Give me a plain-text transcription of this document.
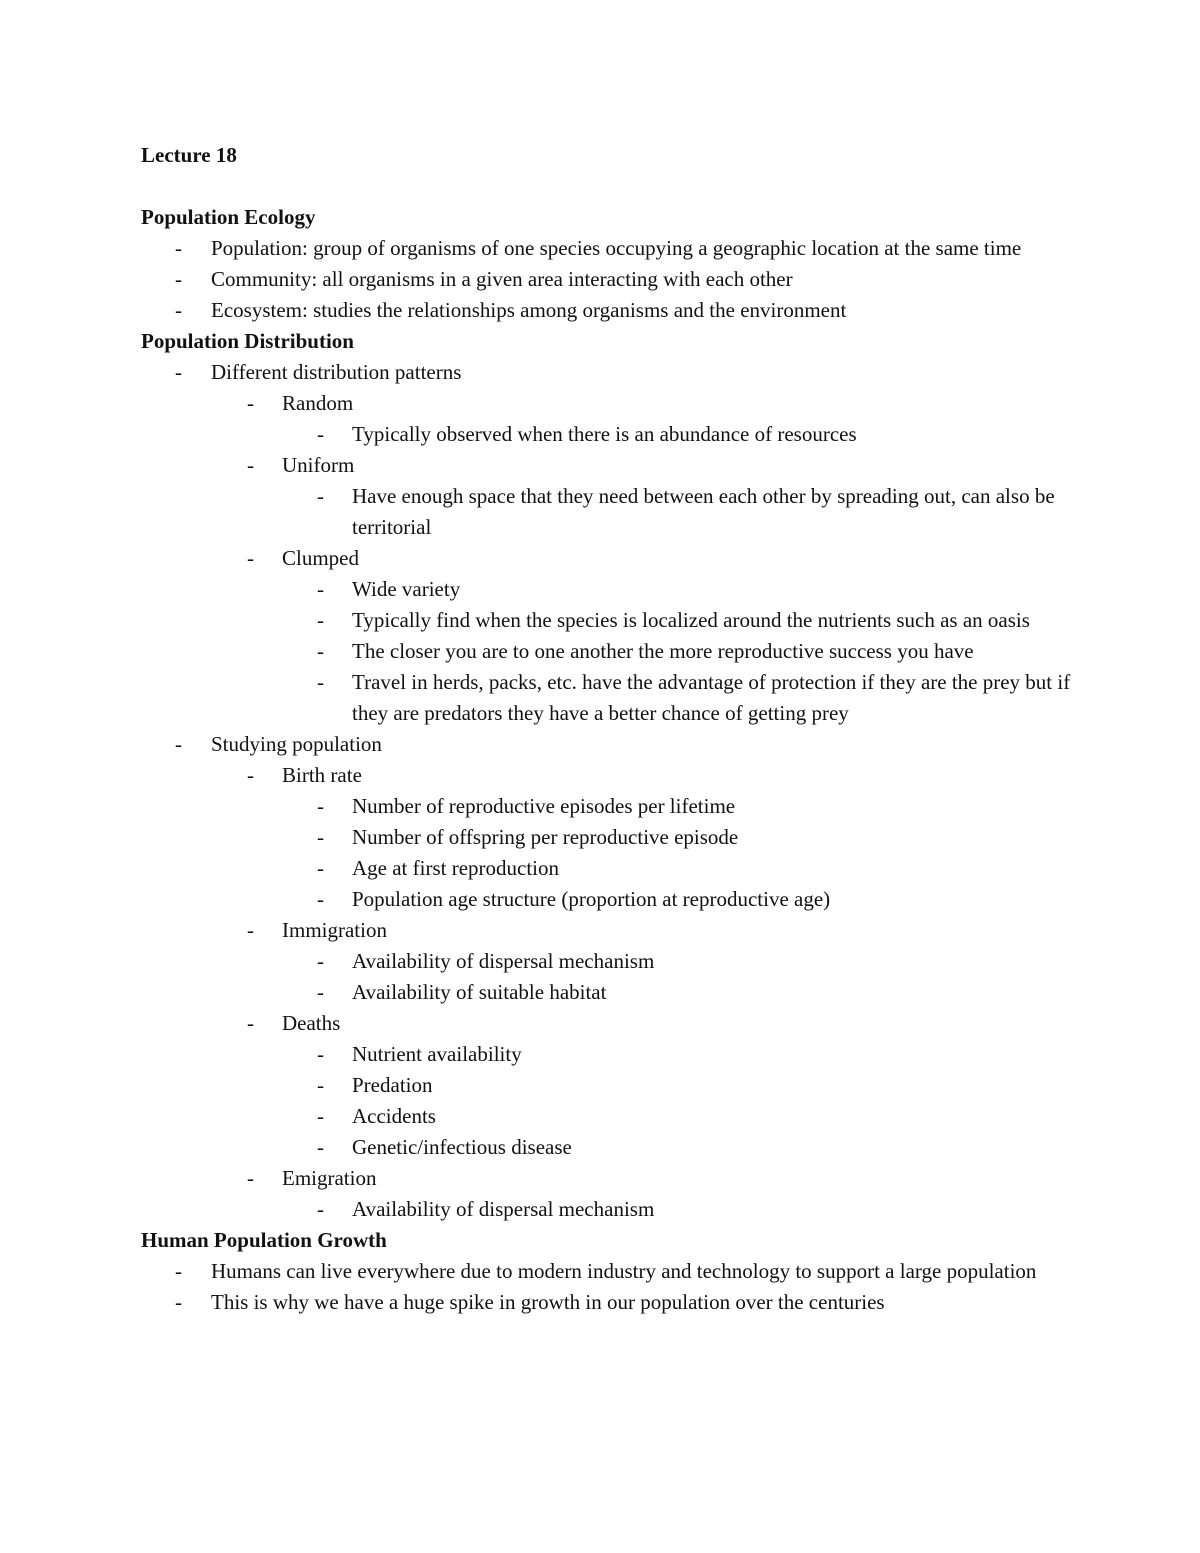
Lecture 18
Population Ecology
- Population: group of organisms of one species occupying a geographic location at the same time
- Community: all organisms in a given area interacting with each other
- Ecosystem: studies the relationships among organisms and the environment
Population Distribution
- Different distribution patterns
- Random
- Typically observed when there is an abundance of resources
- Uniform
- Have enough space that they need between each other by spreading out, can also be territorial
- Clumped
- Wide variety
- Typically find when the species is localized around the nutrients such as an oasis
- The closer you are to one another the more reproductive success you have
- Travel in herds, packs, etc. have the advantage of protection if they are the prey but if they are predators they have a better chance of getting prey
- Studying population
- Birth rate
- Number of reproductive episodes per lifetime
- Number of offspring per reproductive episode
- Age at first reproduction
- Population age structure (proportion at reproductive age)
- Immigration
- Availability of dispersal mechanism
- Availability of suitable habitat
- Deaths
- Nutrient availability
- Predation
- Accidents
- Genetic/infectious disease
- Emigration
- Availability of dispersal mechanism
Human Population Growth
- Humans can live everywhere due to modern industry and technology to support a large population
- This is why we have a huge spike in growth in our population over the centuries
